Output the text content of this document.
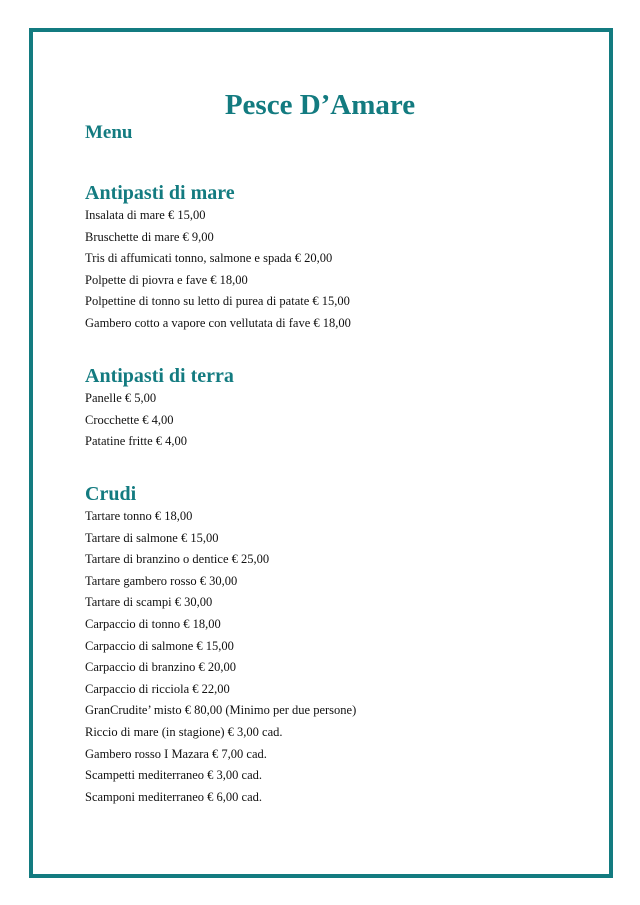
Pesce D’Amare
Menu
Antipasti di mare
Insalata di mare € 15,00
Bruschette di mare € 9,00
Tris di affumicati tonno, salmone e spada € 20,00
Polpette di piovra e fave € 18,00
Polpettine di tonno su letto di purea di patate € 15,00
Gambero cotto a vapore con vellutata di fave € 18,00
Antipasti di terra
Panelle € 5,00
Crocchette € 4,00
Patatine fritte € 4,00
Crudi
Tartare tonno € 18,00
Tartare di salmone € 15,00
Tartare di branzino o dentice € 25,00
Tartare gambero rosso € 30,00
Tartare di scampi € 30,00
Carpaccio di tonno € 18,00
Carpaccio di salmone € 15,00
Carpaccio di branzino € 20,00
Carpaccio di ricciola € 22,00
GranCrudite’ misto € 80,00 (Minimo per due persone)
Riccio di mare (in stagione) € 3,00 cad.
Gambero rosso I Mazara € 7,00 cad.
Scampetti mediterraneo € 3,00 cad.
Scamponi mediterraneo € 6,00 cad.
